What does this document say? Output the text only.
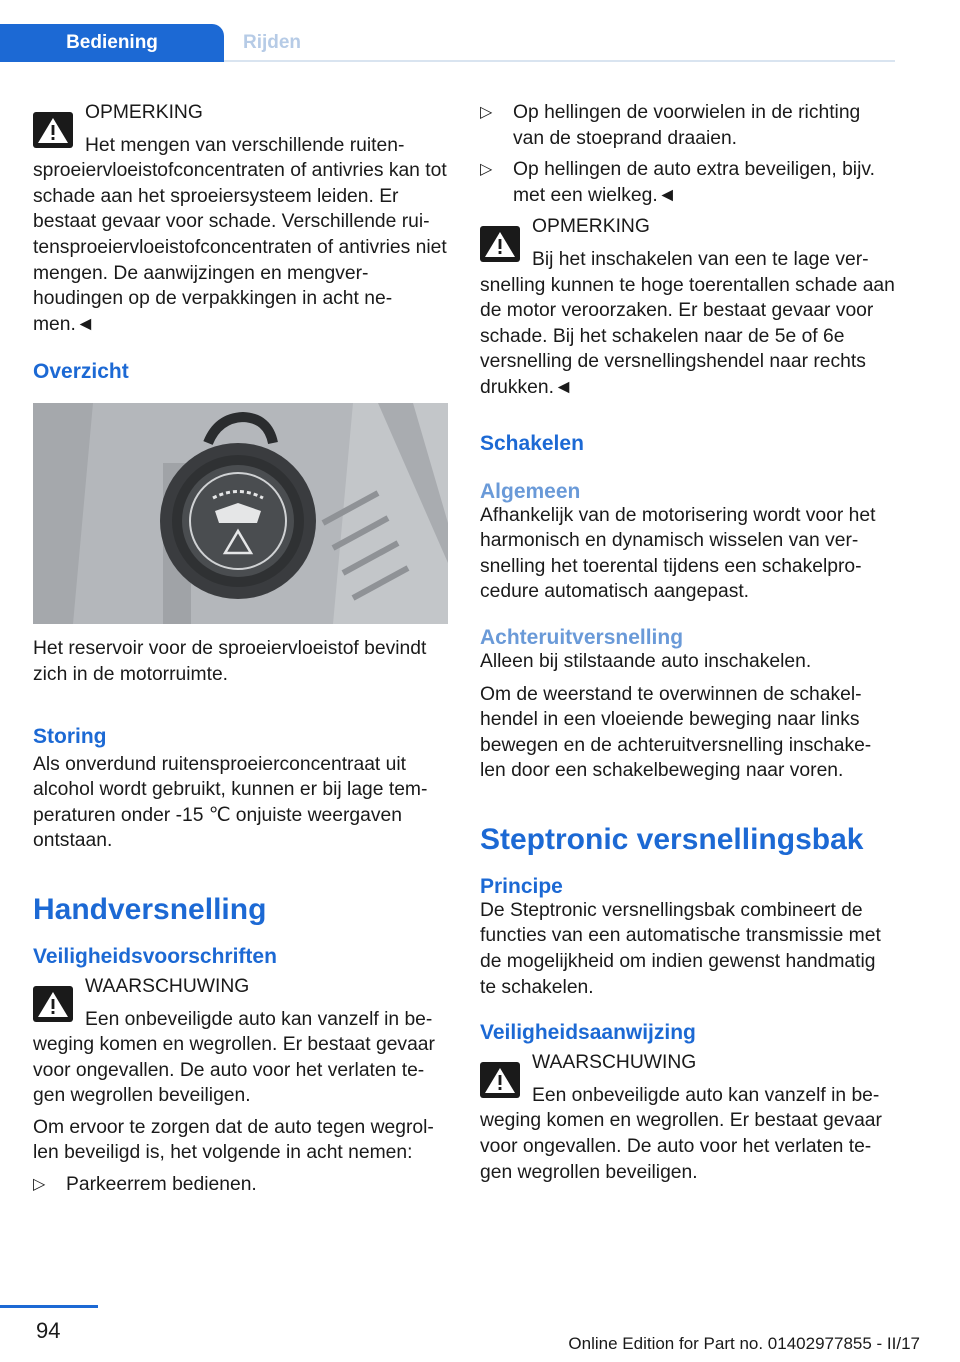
Bediening	Rijden
OPMERKING
Het mengen van verschillende ruiten-
sproeiervloeistofconcentraten of antivries kan tot schade aan het sproeiersysteem leiden. Er bestaat gevaar voor schade. Verschillende rui-tensproeiervloeistofconcentraten of antivries niet mengen. De aanwijzingen en mengver-houdingen op de verpakkingen in acht ne-men.◄
Overzicht
Het reservoir voor de sproeiervloeistof bevindt zich in de motorruimte.
Storing
Als onverdund ruitensproeierconcentraat uit alcohol wordt gebruikt, kunnen er bij lage tem-peraturen onder -15 ℃ onjuiste weergaven ontstaan.
Handversnelling
Veiligheidsvoorschriften
WAARSCHUWING
Een onbeveiligde auto kan vanzelf in be-
weging komen en wegrollen. Er bestaat gevaar voor ongevallen. De auto voor het verlaten te-gen wegrollen beveiligen.
Om ervoor te zorgen dat de auto tegen wegrol-len beveiligd is, het volgende in acht nemen:
▷ Parkeerrem bedienen.
▷ Op hellingen de voorwielen in de richting van de stoeprand draaien.
▷ Op hellingen de auto extra beveiligen, bijv. met een wielkeg.◄
OPMERKING
Bij het inschakelen van een te lage ver-
snelling kunnen te hoge toerentallen schade aan de motor veroorzaken. Er bestaat gevaar voor schade. Bij het schakelen naar de 5e of 6e versnelling de versnellingshendel naar rechts drukken.◄
Schakelen
Algemeen
Afhankelijk van de motorisering wordt voor het harmonisch en dynamisch wisselen van ver-snelling het toerental tijdens een schakelpro-cedure automatisch aangepast.
Achteruitversnelling
Alleen bij stilstaande auto inschakelen.
Om de weerstand te overwinnen de schakel-hendel in een vloeiende beweging naar links bewegen en de achteruitversnelling inschake-len door een schakelbeweging naar voren.
Steptronic versnellingsbak
Principe
De Steptronic versnellingsbak combineert de functies van een automatische transmissie met de mogelijkheid om indien gewenst handmatig te schakelen.
Veiligheidsaanwijzing
WAARSCHUWING
Een onbeveiligde auto kan vanzelf in be-
weging komen en wegrollen. Er bestaat gevaar voor ongevallen. De auto voor het verlaten te-gen wegrollen beveiligen.
94
Online Edition for Part no. 01402977855 - II/17
